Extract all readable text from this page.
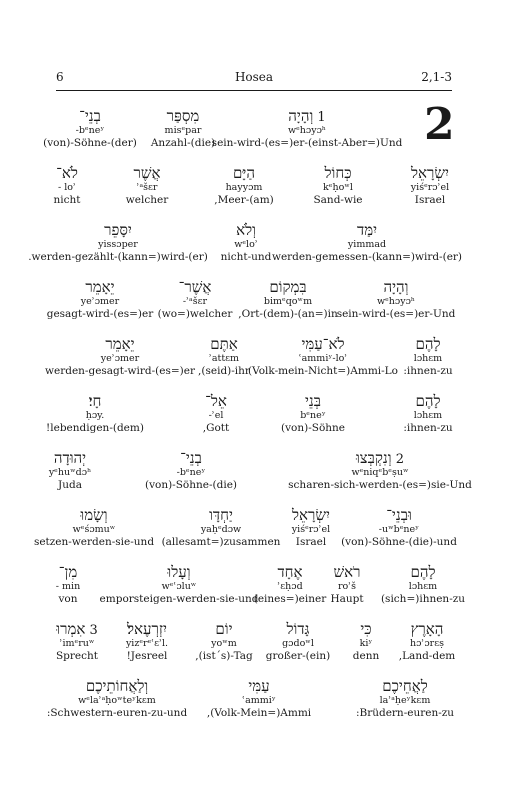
6	Hosea	2,1-3
2
בְנֵי־
-bᵉneʸ
(von)-Söhne-(der)
מִסְפַּר
misᵉpar
Anzahl-(die)
וְהָיָה 1
wᵉhɔyɔʰ
sein-wird-(es=)er-(einst-Aber=)Und
לֹא־
- loʾ
nicht
אֲשֶׁר
ʾᵃšɛr
welcher
הַיָּם
hayyɔm
,Meer-(am)
כְּחוֹל
kᵉḥoʷl
Sand-wie
יִשְׂרָאֵל
yiśᵉrɔʾel
Israel
יִסָּפֵר
yissɔper
.werden-gezählt-(kann=)wird-(er)
וְלֹא
wᵉloʾ
nicht-und
יִמַּד
yimmad
werden-gemessen-(kann=)wird-(er)
יֵאָמֵר
yeʾɔmer
gesagt-wird-(es=)er
אֲשֶׁר־
-ʾᵃšɛr
(wo=)welcher
בִּמְקוֹם
bimᵉqoʷm
,Ort-(dem)-(an=)in
וְהָיָה
wᵉhɔyɔʰ
sein-wird-(es=)er-Und
יֵאָמֵר
yeʾɔmer
werden-gesagt-wird-(es=)er
אַתֶּם
ʾattɛm
,(seid)-ihr
לֹא־עַמִּי
ʿammiʸ-loʾ
(Volk-mein-Nicht=)Ammi-Lo
לָהֶם
lɔhɛm
:ihnen-zu
חָי׃
ḥɔy.
!lebendigen-(dem)
אֵל־
-ʾel
,Gott
בְּנֵי
bᵉneʸ
(von)-Söhne
לָהֶם
lɔhɛm
:ihnen-zu
יְהוּדָה
yᵉhuʷdɔʰ
Juda
בְנֵי־
-bᵉneʸ
(von)-Söhne-(die)
וְנִקְבְּצוּ 2
wᵉniqᵉbᵉṣuʷ
scharen-sich-werden-(es=)sie-Und
וְשָׂמוּ
wᵉśɔmuʷ
setzen-werden-sie-und
יַחְדָּו
yaḥᵉdɔw
(allesamt=)zusammen
יִשְׂרָאֵל
yiśᵉrɔʾel
Israel
וּבְנֵי־
-uʷbᵉneʸ
(von)-Söhne-(die)-und
מִן־
- min
von
וְעָלוּ
wᵉʿɔluʷ
emporsteigen-werden-sie-und
אֶחָד
ʾɛḥɔd
(eines=)einer
רֹאשׁ
roʾš
Haupt
לָהֶם
lɔhɛm
(sich=)ihnen-zu
אִמְרוּ 3
ʾimᵉruʷ
Sprecht
יִזְרְעֶאל׃
yizᵉrᵉʿɛʾl.
!Jesreel
יוֹם
yoʷm
,(ist´s)-Tag
גָּדוֹל
gɔdoʷl
großer-(ein)
כִּי
kiʸ
denn
הָאָרֶץ
hɔʾɔrɛṣ
,Land-dem
וְלַאֲחוֹתֵיכֶם
wᵉlaʾᵃḥoʷteʸkɛm
:Schwestern-euren-zu-und
עַמִּי
ʿammiʸ
,(Volk-Mein=)Ammi
לַאֲחֵיכֶם
laʾᵃḥeʸkɛm
:Brüdern-euren-zu
